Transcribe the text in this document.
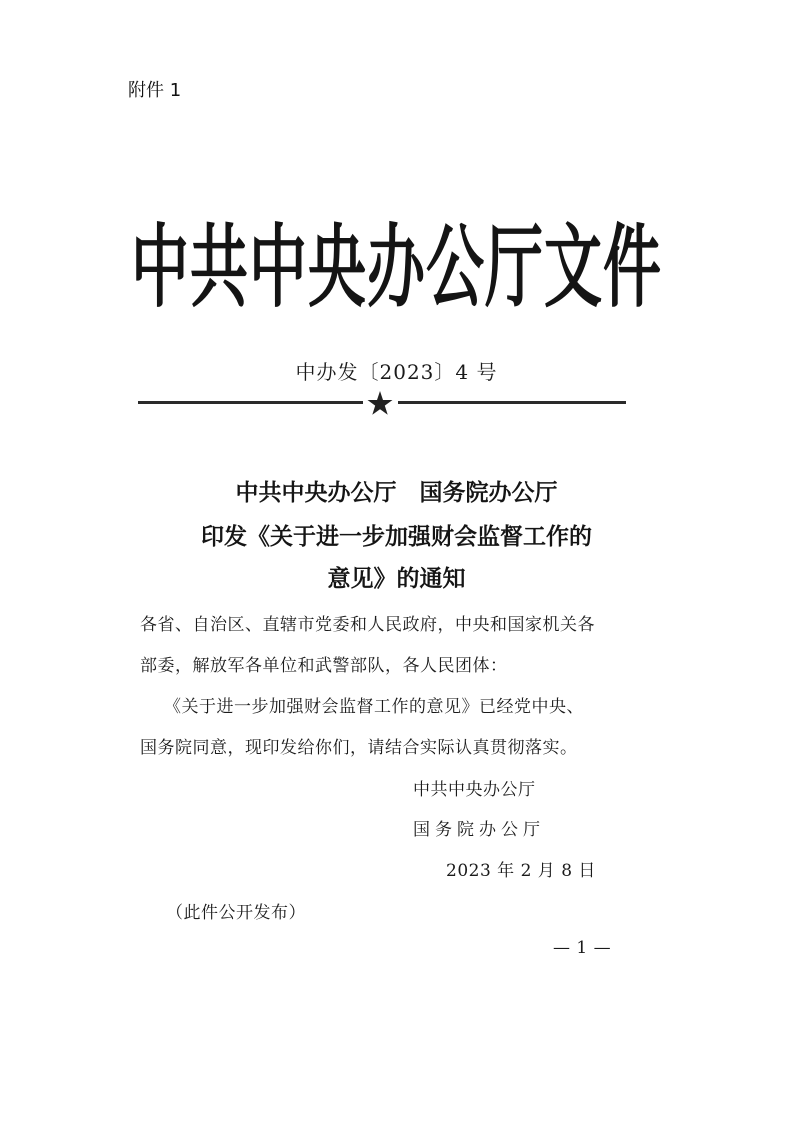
附件 1
中共中央办公厅文件
中办发〔2023〕4 号
中共中央办公厅　国务院办公厅
印发《关于进一步加强财会监督工作的
意见》的通知
各省、自治区、直辖市党委和人民政府，中央和国家机关各
部委，解放军各单位和武警部队，各人民团体：
《关于进一步加强财会监督工作的意见》已经党中央、
国务院同意，现印发给你们，请结合实际认真贯彻落实。
中共中央办公厅
国务院办公厅
2023 年 2 月 8 日
（此件公开发布）
— 1 —
